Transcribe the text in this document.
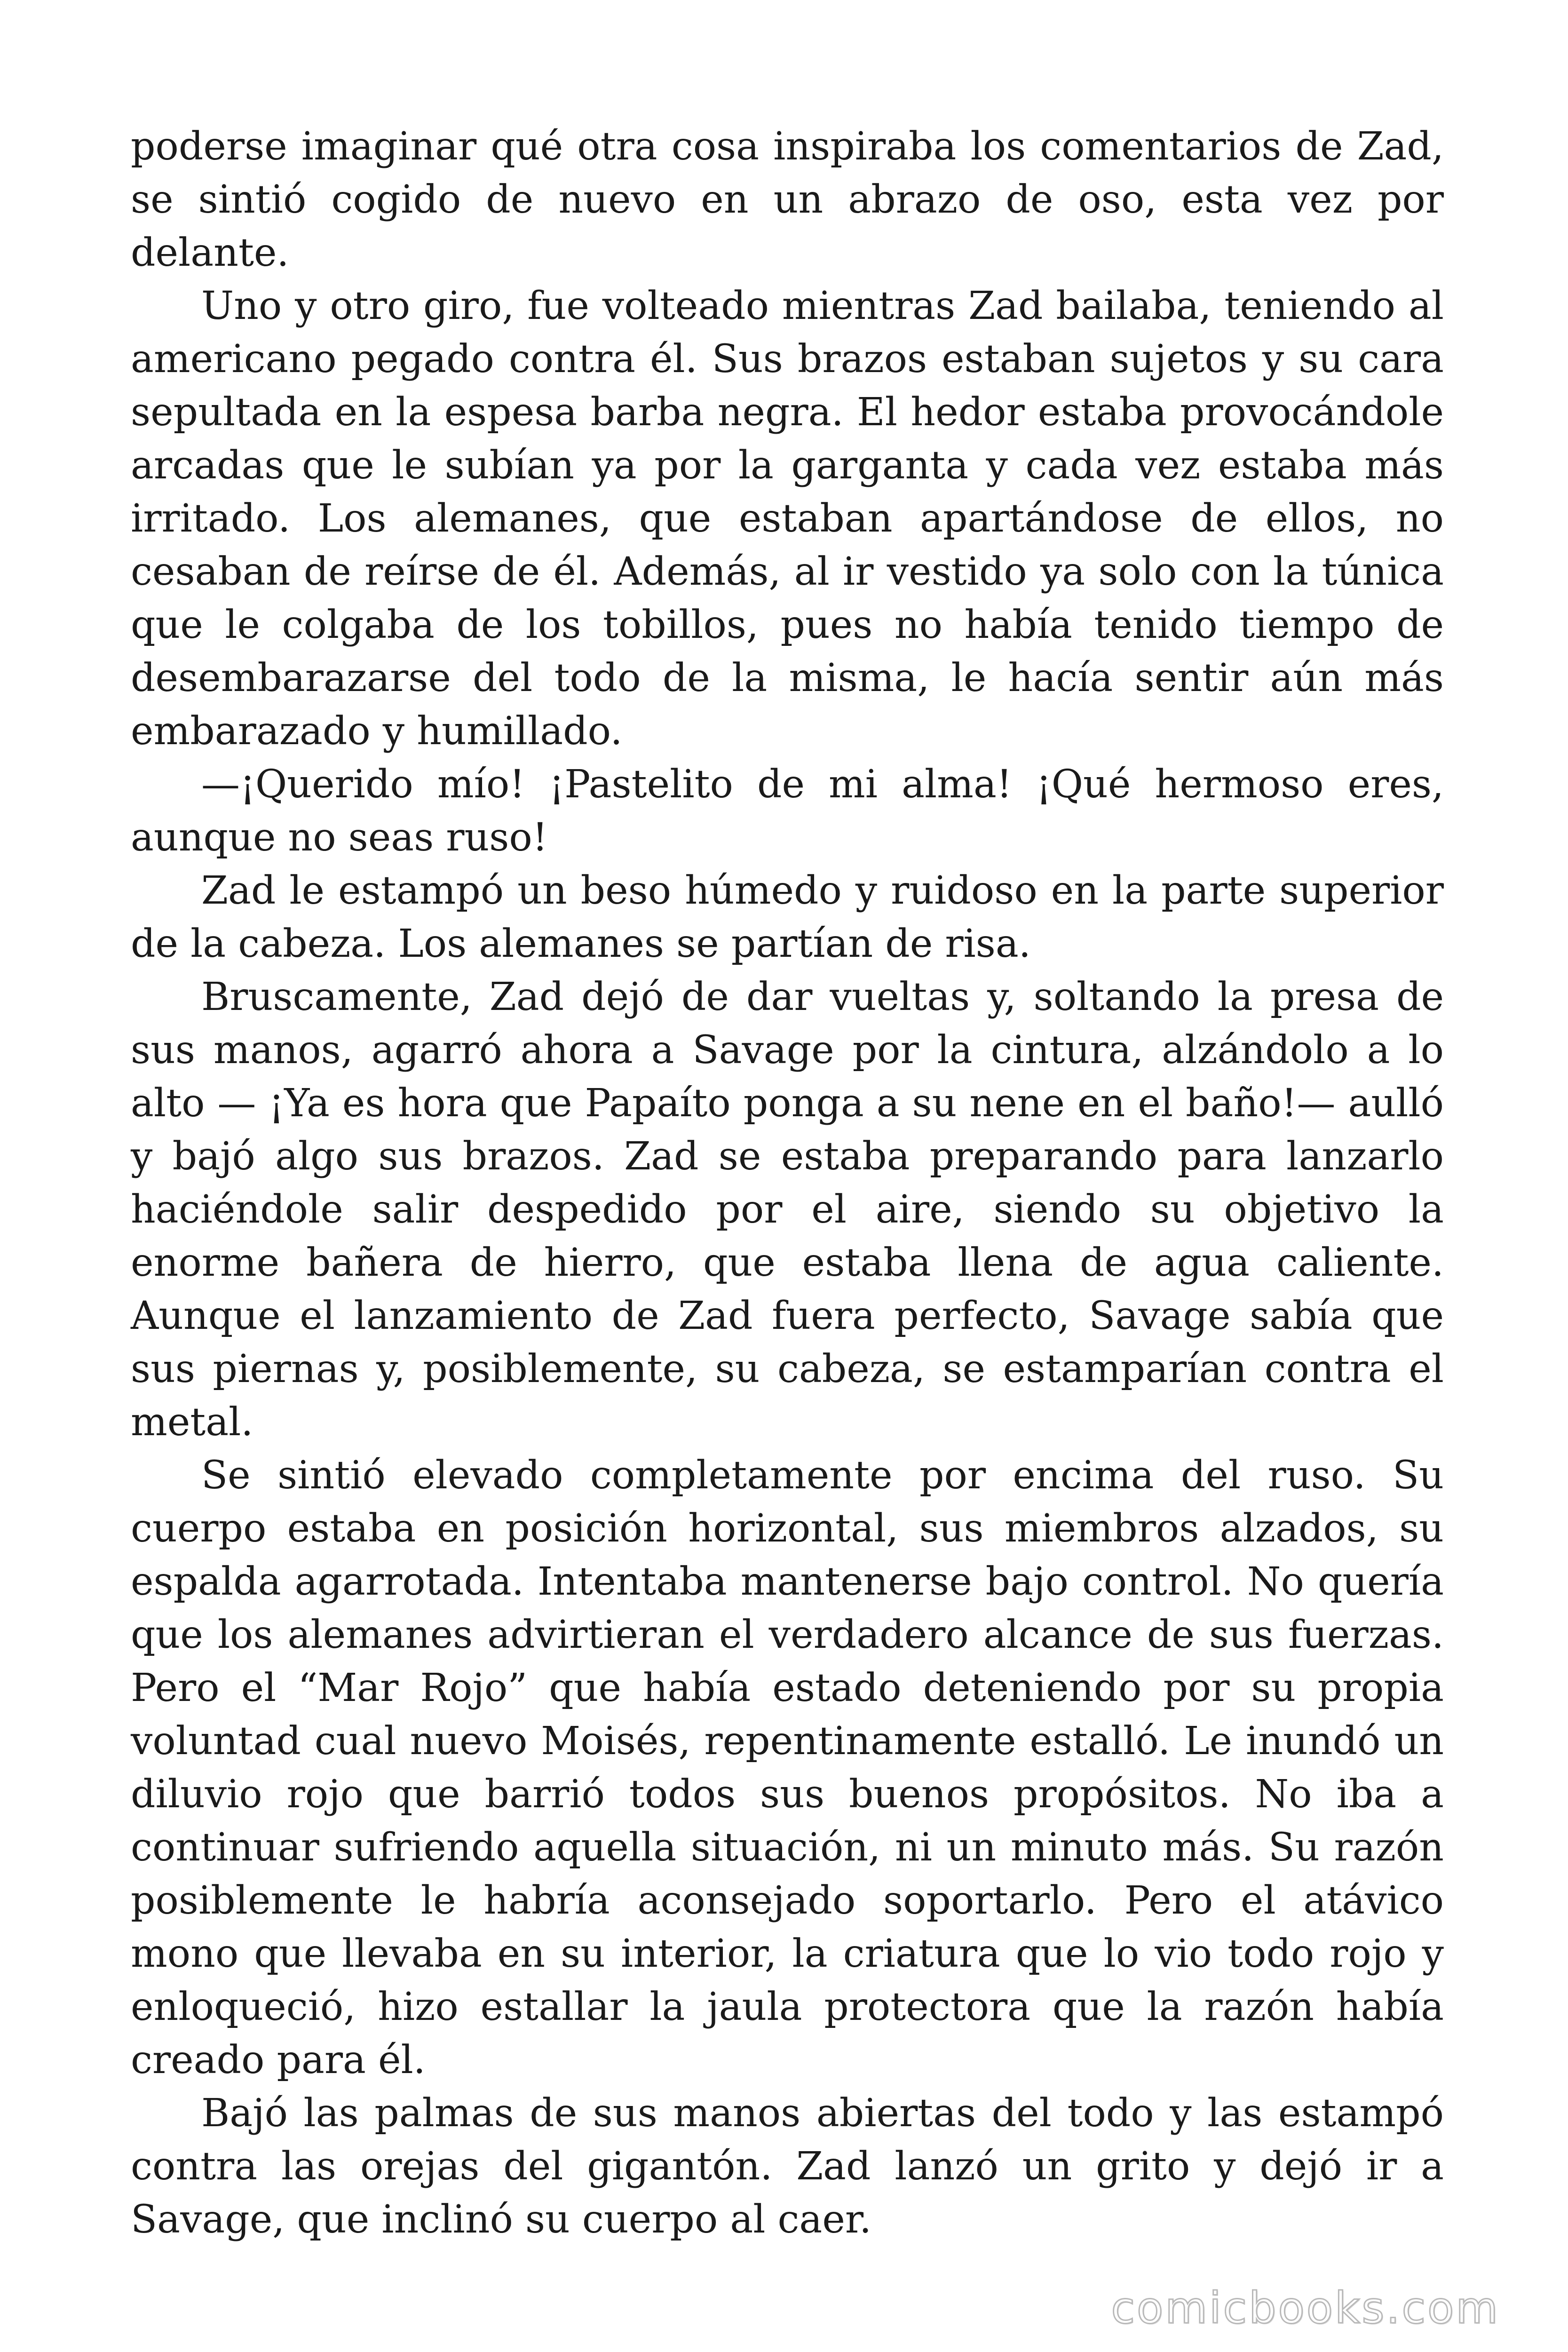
poderse imaginar qué otra cosa inspiraba los comentarios de Zad, se sintió cogido de nuevo en un abrazo de oso, esta vez por delante.

Uno y otro giro, fue volteado mientras Zad bailaba, teniendo al americano pegado contra él. Sus brazos estaban sujetos y su cara sepultada en la espesa barba negra. El hedor estaba provocándole arcadas que le subían ya por la garganta y cada vez estaba más irritado. Los alemanes, que estaban apartándose de ellos, no cesaban de reírse de él. Además, al ir vestido ya solo con la túnica que le colgaba de los tobillos, pues no había tenido tiempo de desembarazarse del todo de la misma, le hacía sentir aún más embarazado y humillado.

—¡Querido mío! ¡Pastelito de mi alma! ¡Qué hermoso eres, aunque no seas ruso!

Zad le estampó un beso húmedo y ruidoso en la parte superior de la cabeza. Los alemanes se partían de risa.

Bruscamente, Zad dejó de dar vueltas y, soltando la presa de sus manos, agarró ahora a Savage por la cintura, alzándolo a lo alto — ¡Ya es hora que Papaíto ponga a su nene en el baño!— aulló y bajó algo sus brazos. Zad se estaba preparando para lanzarlo haciéndole salir despedido por el aire, siendo su objetivo la enorme bañera de hierro, que estaba llena de agua caliente. Aunque el lanzamiento de Zad fuera perfecto, Savage sabía que sus piernas y, posiblemente, su cabeza, se estamparían contra el metal.

Se sintió elevado completamente por encima del ruso. Su cuerpo estaba en posición horizontal, sus miembros alzados, su espalda agarrotada. Intentaba mantenerse bajo control. No quería que los alemanes advirtieran el verdadero alcance de sus fuerzas. Pero el “Mar Rojo” que había estado deteniendo por su propia voluntad cual nuevo Moisés, repentinamente estalló. Le inundó un diluvio rojo que barrió todos sus buenos propósitos. No iba a continuar sufriendo aquella situación, ni un minuto más. Su razón posiblemente le habría aconsejado soportarlo. Pero el atávico mono que llevaba en su interior, la criatura que lo vio todo rojo y enloqueció, hizo estallar la jaula protectora que la razón había creado para él.

Bajó las palmas de sus manos abiertas del todo y las estampó contra las orejas del gigantón. Zad lanzó un grito y dejó ir a Savage, que inclinó su cuerpo al caer.

comicbooks.com
